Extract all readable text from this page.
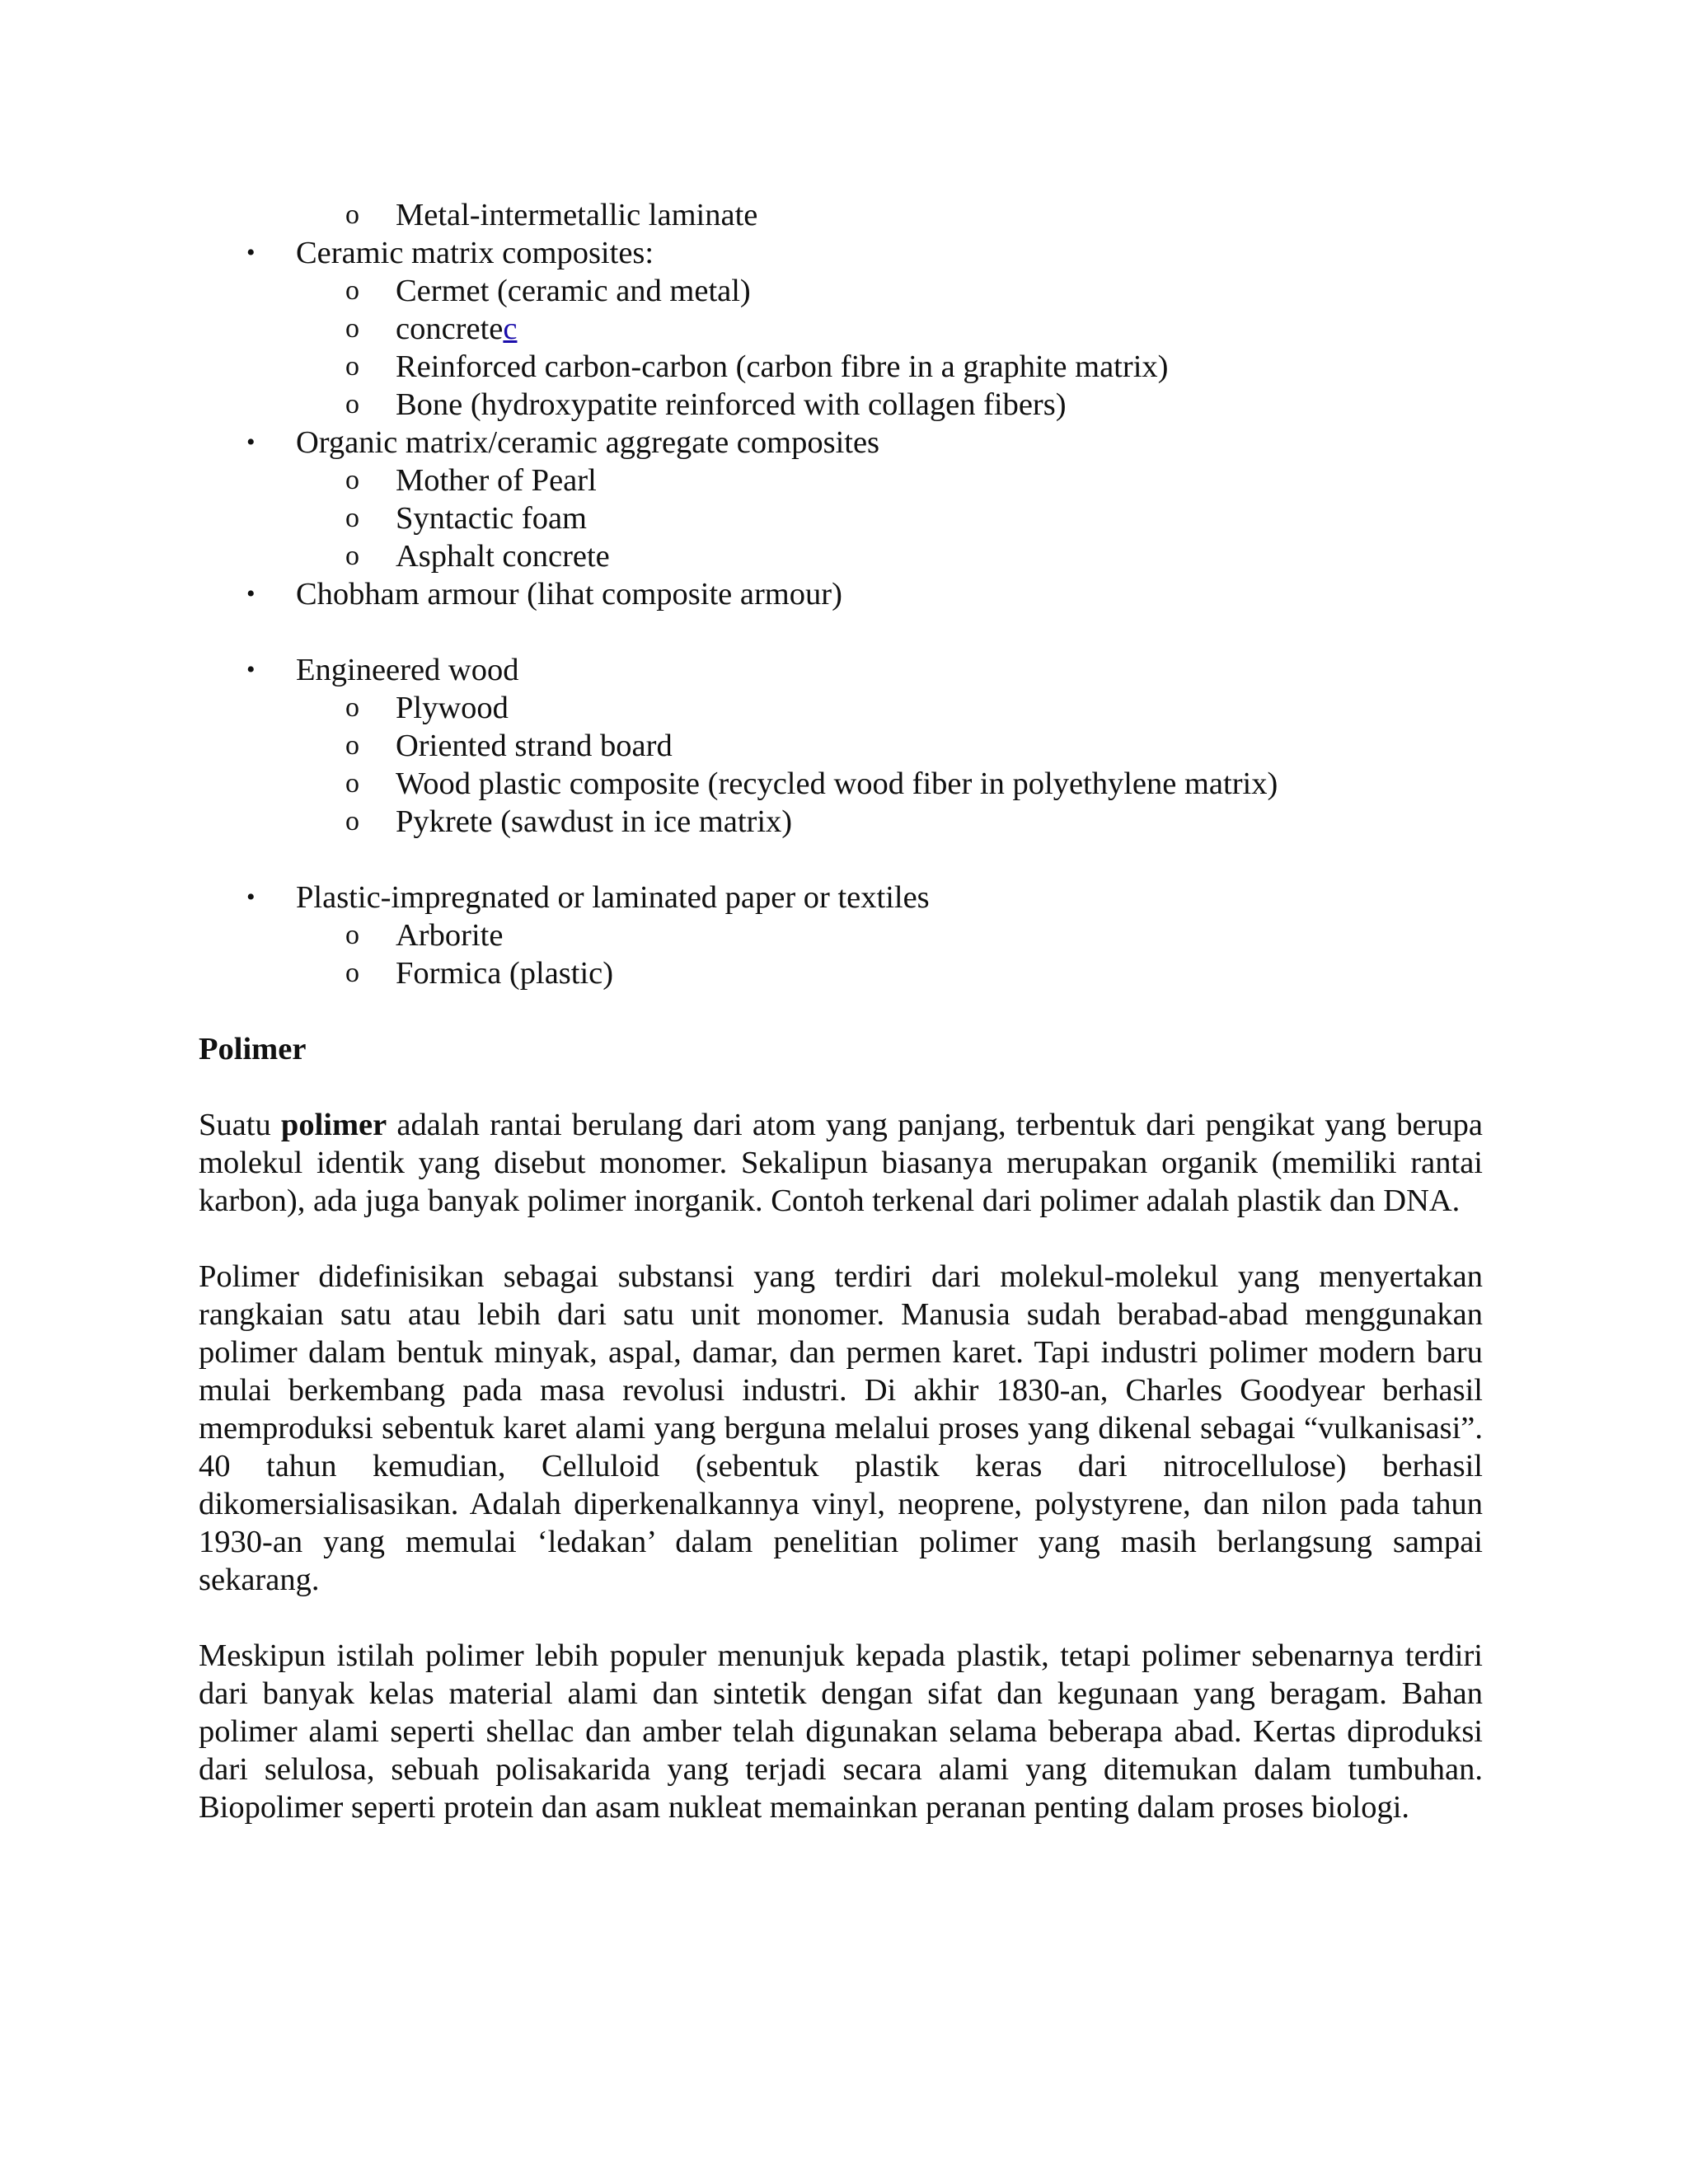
o Metal-intermetallic laminate
• Ceramic matrix composites:
o Cermet (ceramic and metal)
o concretec
o Reinforced carbon-carbon (carbon fibre in a graphite matrix)
o Bone (hydroxypatite reinforced with collagen fibers)
• Organic matrix/ceramic aggregate composites
o Mother of Pearl
o Syntactic foam
o Asphalt concrete
• Chobham armour (lihat composite armour)
• Engineered wood
o Plywood
o Oriented strand board
o Wood plastic composite (recycled wood fiber in polyethylene matrix)
o Pykrete (sawdust in ice matrix)
• Plastic-impregnated or laminated paper or textiles
o Arborite
o Formica (plastic)
Polimer

Suatu polimer adalah rantai berulang dari atom yang panjang, terbentuk dari pengikat yang berupa molekul identik yang disebut monomer. Sekalipun biasanya merupakan organik (memiliki rantai karbon), ada juga banyak polimer inorganik. Contoh terkenal dari polimer adalah plastik dan DNA.

Polimer didefinisikan sebagai substansi yang terdiri dari molekul-molekul yang menyertakan rangkaian satu atau lebih dari satu unit monomer. Manusia sudah berabad-abad menggunakan polimer dalam bentuk minyak, aspal, damar, dan permen karet. Tapi industri polimer modern baru mulai berkembang pada masa revolusi industri. Di akhir 1830-an, Charles Goodyear berhasil memproduksi sebentuk karet alami yang berguna melalui proses yang dikenal sebagai “vulkanisasi”. 40 tahun kemudian, Celluloid (sebentuk plastik keras dari nitrocellulose) berhasil dikomersialisasikan. Adalah diperkenalkannya vinyl, neoprene, polystyrene, dan nilon pada tahun 1930-an yang memulai ‘ledakan’ dalam penelitian polimer yang masih berlangsung sampai sekarang.

Meskipun istilah polimer lebih populer menunjuk kepada plastik, tetapi polimer sebenarnya terdiri dari banyak kelas material alami dan sintetik dengan sifat dan kegunaan yang beragam. Bahan polimer alami seperti shellac dan amber telah digunakan selama beberapa abad. Kertas diproduksi dari selulosa, sebuah polisakarida yang terjadi secara alami yang ditemukan dalam tumbuhan. Biopolimer seperti protein dan asam nukleat memainkan peranan penting dalam proses biologi.
